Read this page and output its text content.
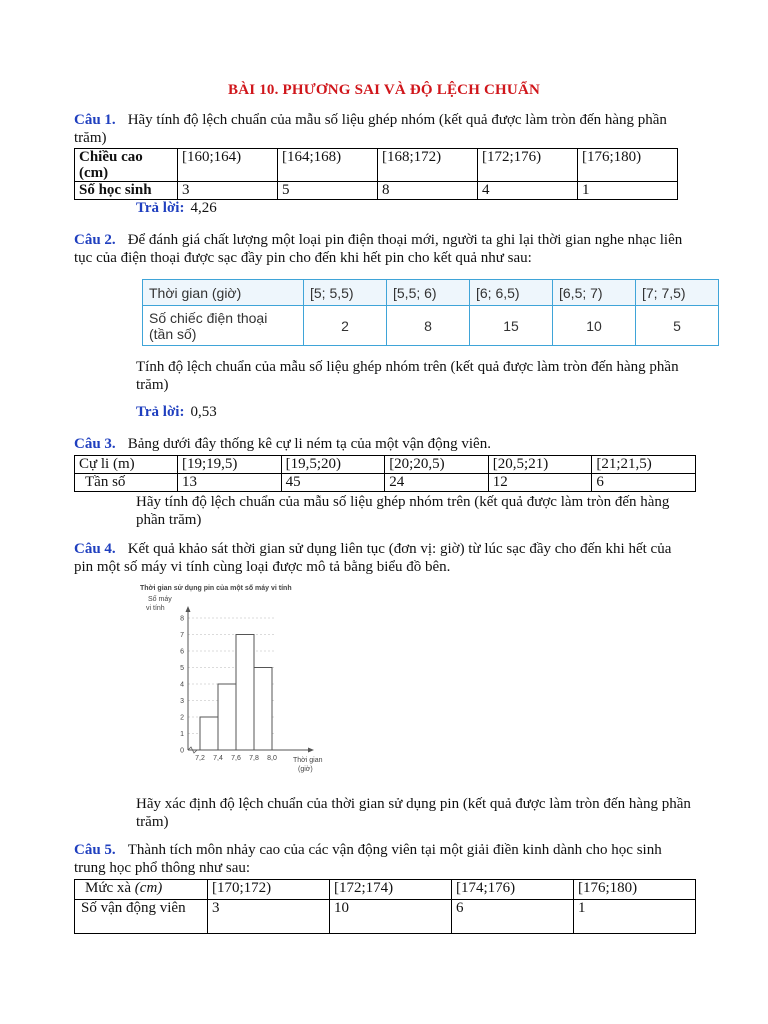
BÀI 10. PHƯƠNG SAI VÀ ĐỘ LỆCH CHUẨN
Câu 1. Hãy tính độ lệch chuẩn của mẫu số liệu ghép nhóm (kết quả được làm tròn đến hàng phần trăm)
Chiều cao (cm)	[160;164)	[164;168)	[168;172)	[172;176)	[176;180)
Số học sinh	3	5	8	4	1
Trả lời: 4,26
Câu 2. Để đánh giá chất lượng một loại pin điện thoại mới, người ta ghi lại thời gian nghe nhạc liên tục của điện thoại được sạc đầy pin cho đến khi hết pin cho kết quả như sau:
Thời gian (giờ)	[5; 5,5)	[5,5; 6)	[6; 6,5)	[6,5; 7)	[7; 7,5)
Số chiếc điện thoại
(tần số)	2	8	15	10	5
Tính độ lệch chuẩn của mẫu số liệu ghép nhóm trên (kết quả được làm tròn đến hàng phần trăm)
Trả lời: 0,53
Câu 3. Bảng dưới đây thống kê cự li ném tạ của một vận động viên.
Cự li (m)	[19;19,5)	[19,5;20)	[20;20,5)	[20,5;21)	[21;21,5)
Tần số	13	45	24	12	6
Hãy tính độ lệch chuẩn của mẫu số liệu ghép nhóm trên (kết quả được làm tròn đến hàng phần trăm)
Câu 4. Kết quả khảo sát thời gian sử dụng liên tục (đơn vị: giờ) từ lúc sạc đầy cho đến khi hết của pin một số máy vi tính cùng loại được mô tả bằng biểu đồ bên.
Thời gian sử dụng pin của một số máy vi tính
Số máy
vi tính
0
1
2
3
4
5
6
7
8
7,2 7,4 7,6 7,8 8,0 Thời gian
(giờ)
Hãy xác định độ lệch chuẩn của thời gian sử dụng pin (kết quả được làm tròn đến hàng phần trăm)
Câu 5. Thành tích môn nhảy cao của các vận động viên tại một giải điền kinh dành cho học sinh trung học phổ thông như sau:
Mức xà (cm)	[170;172)	[172;174)	[174;176)	[176;180)
Số vận động viên	3	10	6	1
